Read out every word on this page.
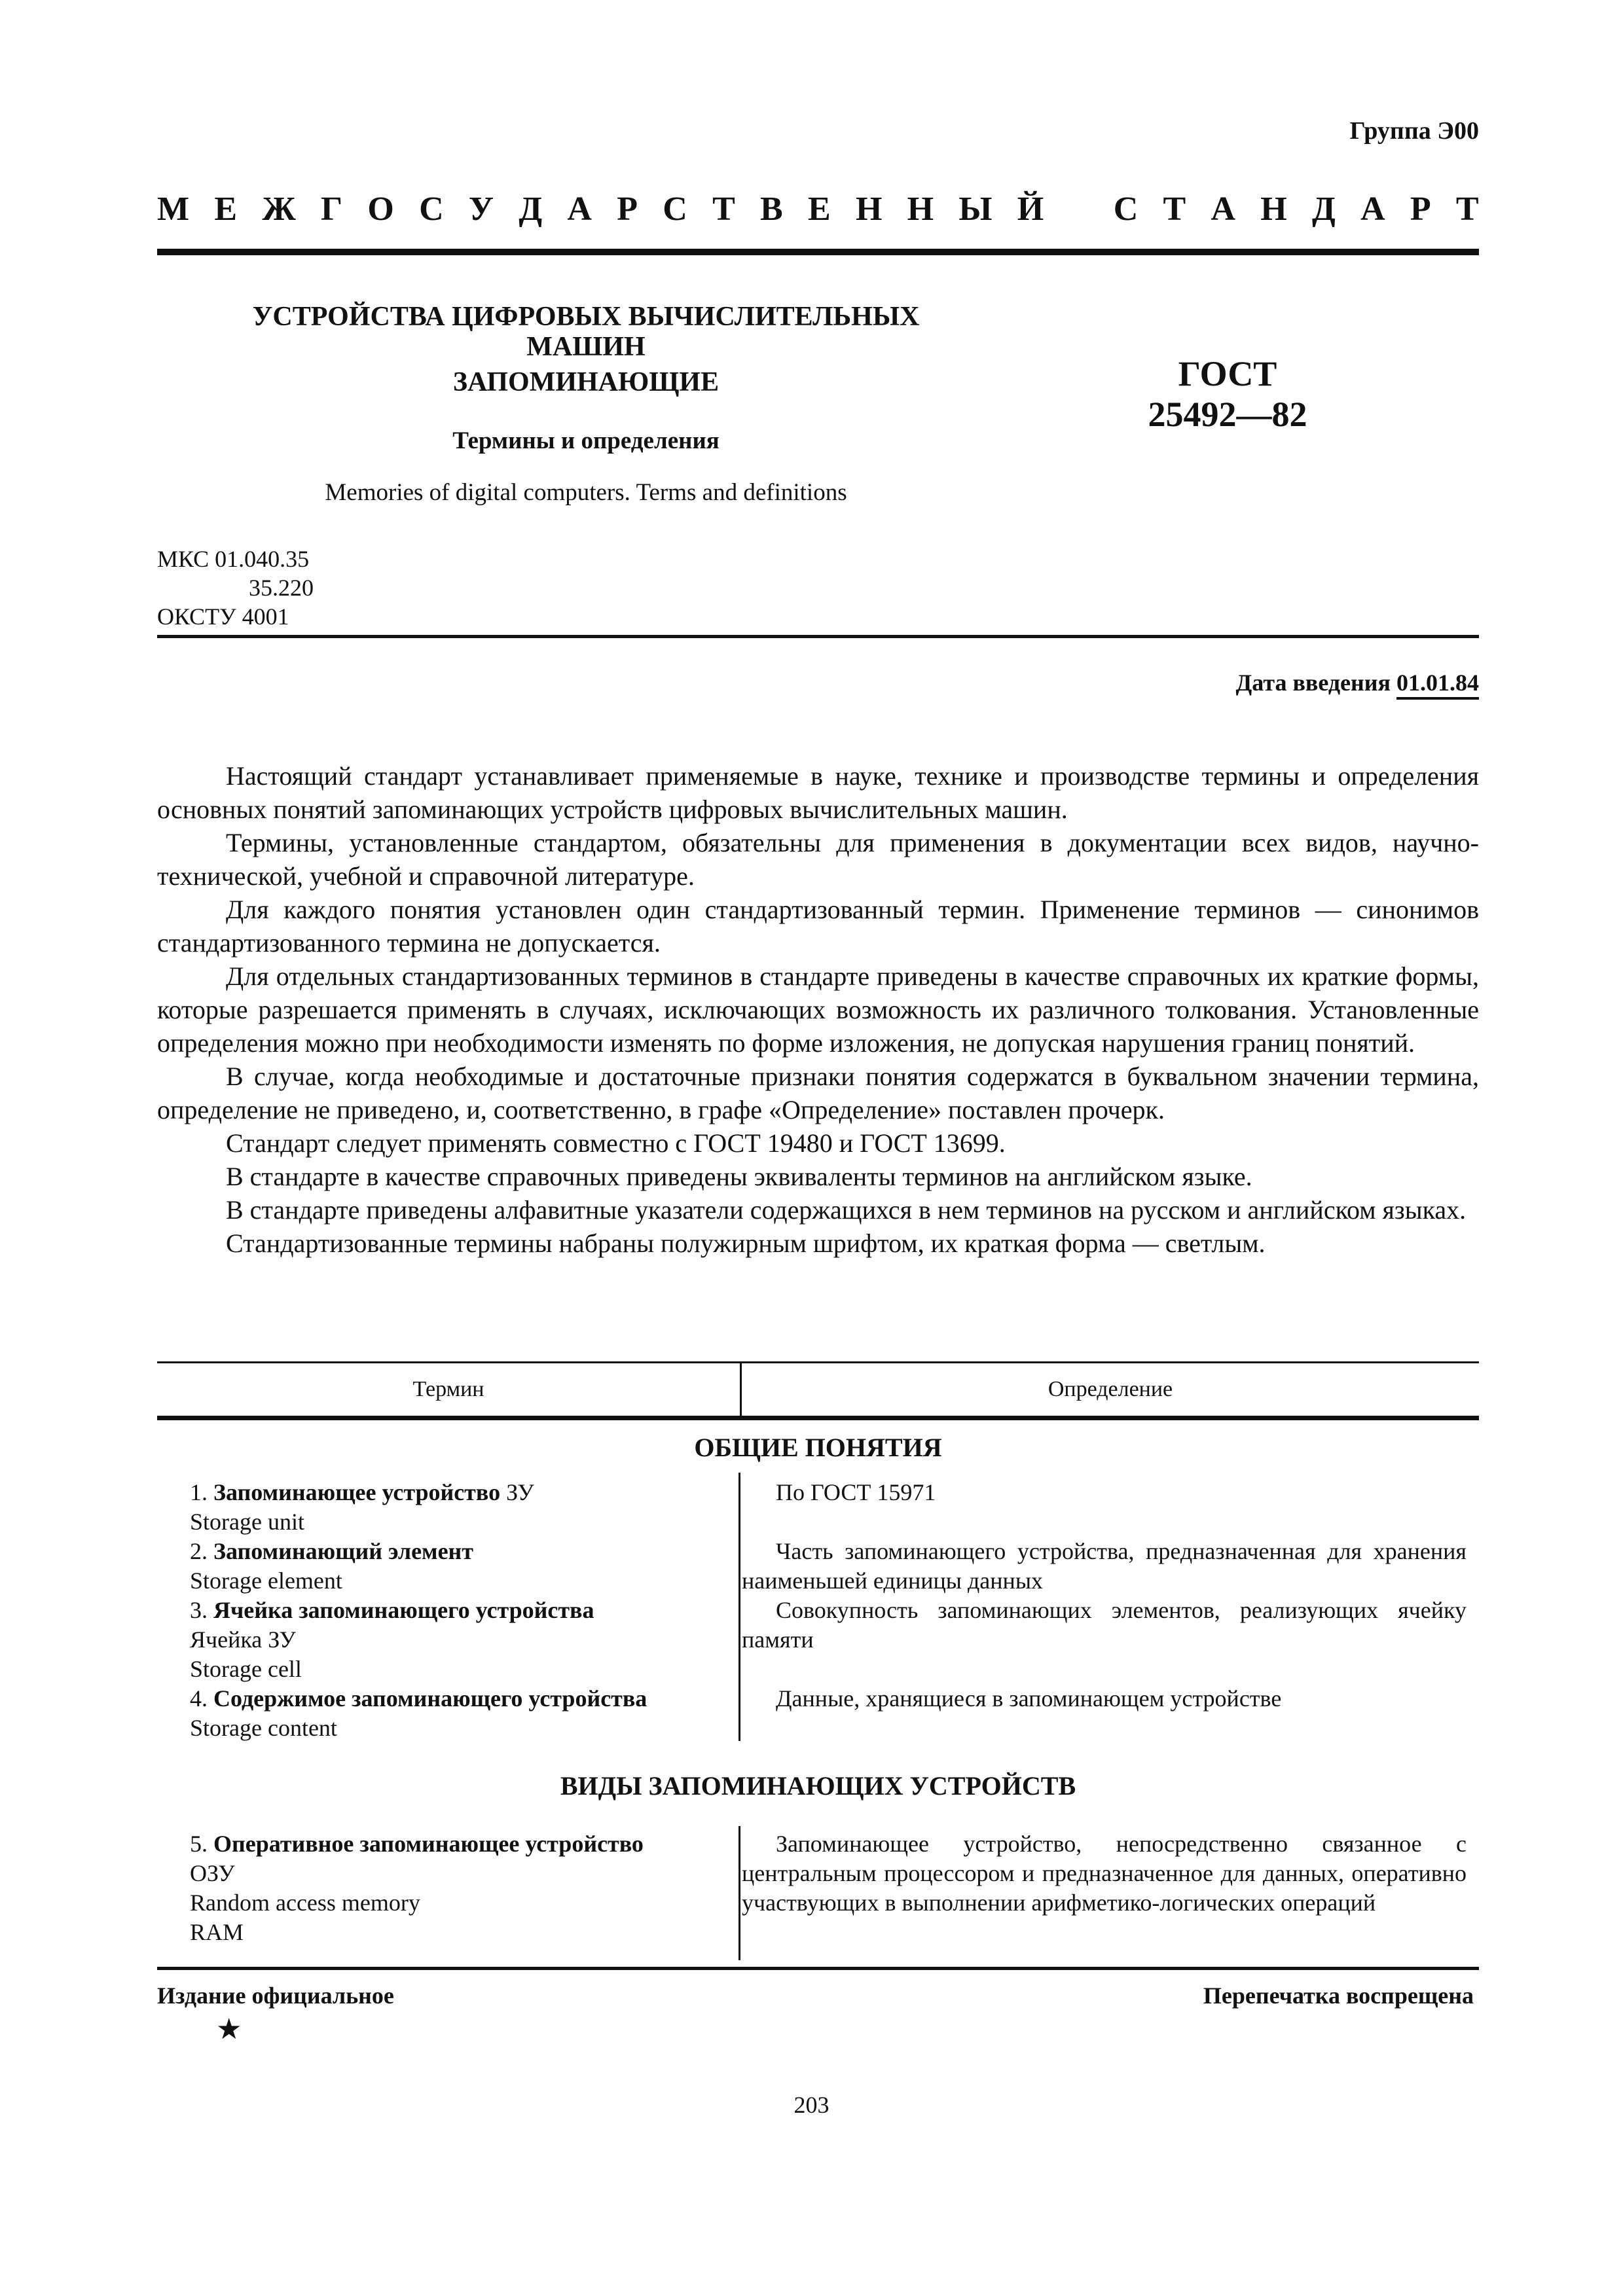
Группа Э00
М Е Ж Г О С У Д А Р С Т В Е Н Н Ы Й С Т А Н Д А Р Т
УСТРОЙСТВА ЦИФРОВЫХ ВЫЧИСЛИТЕЛЬНЫХ
МАШИН
ЗАПОМИНАЮЩИЕ
Термины и определения
Memories of digital computers. Terms and definitions
ГОСТ
25492—82
МКС 01.040.35
35.220
ОКСТУ 4001
Дата введения 01.01.84

Настоящий стандарт устанавливает применяемые в науке, технике и производстве термины и определения основных понятий запоминающих устройств цифровых вычислительных машин.

Термины, установленные стандартом, обязательны для применения в документации всех видов, научно-технической, учебной и справочной литературе.

Для каждого понятия установлен один стандартизованный термин. Применение терминов — синонимов стандартизованного термина не допускается.

Для отдельных стандартизованных терминов в стандарте приведены в качестве справочных их краткие формы, которые разрешается применять в случаях, исключающих возможность их различного толкования. Установленные определения можно при необходимости изменять по форме изложения, не допуская нарушения границ понятий.

В случае, когда необходимые и достаточные признаки понятия содержатся в буквальном значении термина, определение не приведено, и, соответственно, в графе «Определение» поставлен прочерк.

Стандарт следует применять совместно с ГОСТ 19480 и ГОСТ 13699.

В стандарте в качестве справочных приведены эквиваленты терминов на английском языке.

В стандарте приведены алфавитные указатели содержащихся в нем терминов на русском и английском языках.

Стандартизованные термины набраны полужирным шрифтом, их краткая форма — светлым.

Термин	Определение
ОБЩИЕ ПОНЯТИЯ
1. Запоминающее устройство ЗУ
Storage unit
По ГОСТ 15971
2. Запоминающий элемент
Storage element
Часть запоминающего устройства, предназначенная для хранения наименьшей единицы данных
3. Ячейка запоминающего устройства
Ячейка ЗУ
Storage cell
Совокупность запоминающих элементов, реализующих ячейку памяти
4. Содержимое запоминающего устройства
Storage content
Данные, хранящиеся в запоминающем устройстве
ВИДЫ ЗАПОМИНАЮЩИХ УСТРОЙСТВ
5. Оперативное запоминающее устройство
ОЗУ
Random access memory
RAM
Запоминающее устройство, непосредственно связанное с центральным процессором и предназначенное для данных, оперативно участвующих в выполнении арифметико-логических операций
Издание официальное	Перепечатка воспрещена
★
203
